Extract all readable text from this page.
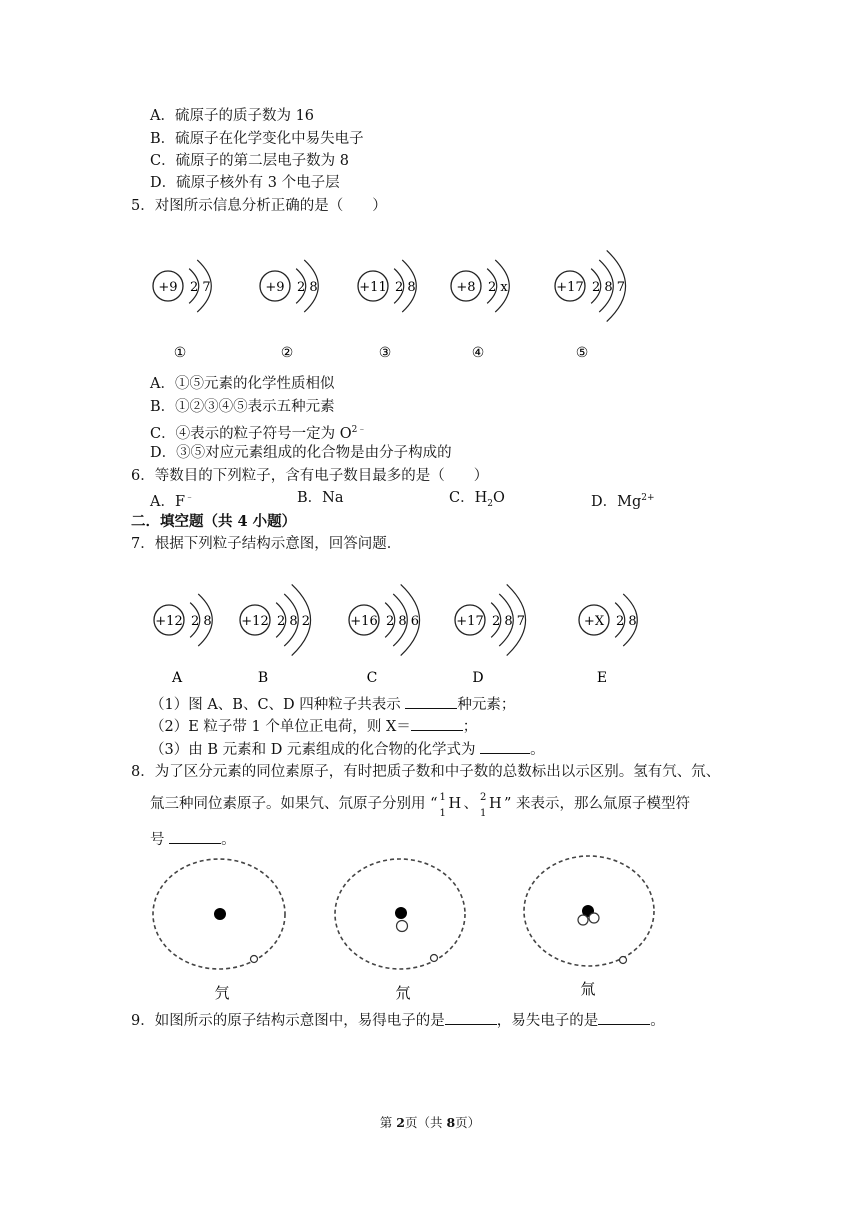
A．硫原子的质子数为 16
B．硫原子在化学变化中易失电子
C．硫原子的第二层电子数为 8
D．硫原子核外有 3 个电子层
5．对图所示信息分析正确的是（　　）
+9 2 7
①
+9 2 8
②
+11 2 8
③
+8 2 x
④
+17 2 8 7
⑤
A．①⑤元素的化学性质相似
B．①②③④⑤表示五种元素
C．④表示的粒子符号一定为 $O^{2﹣}$
D．③⑤对应元素组成的化合物是由分子构成的
6．等数目的下列粒子，含有电子数目最多的是（　　）
A．F﹣	B．Na	C．$H_2O$	D．$Mg^{2+}$
二．填空题（共 4 小题）
7．根据下列粒子结构示意图，回答问题．
+12 2 8
A
+12 2 8 2
B
+16 2 8 6
C
+17 2 8 7
D
+X 2 8
E
（1）图 A、B、C、D 四种粒子共表示	种元素；
（2）E 粒子带 1 个单位正电荷，则 X＝	；
（3）由 B 元素和 D 元素组成的化合物的化学式为	。
8．为了区分元素的同位素原子，有时把质子数和中子数的总数标出以示区别。氢有氕、氘、
氚三种同位素原子。如果氕、氘原子分别用 “ 1
1
H 、 2
1
H ” 来表示，那么氚原子模型符
号	。
氕	氘	氚
9．如图所示的原子结构示意图中，易得电子的是	，易失电子的是	。
第 2页（共 8页）
